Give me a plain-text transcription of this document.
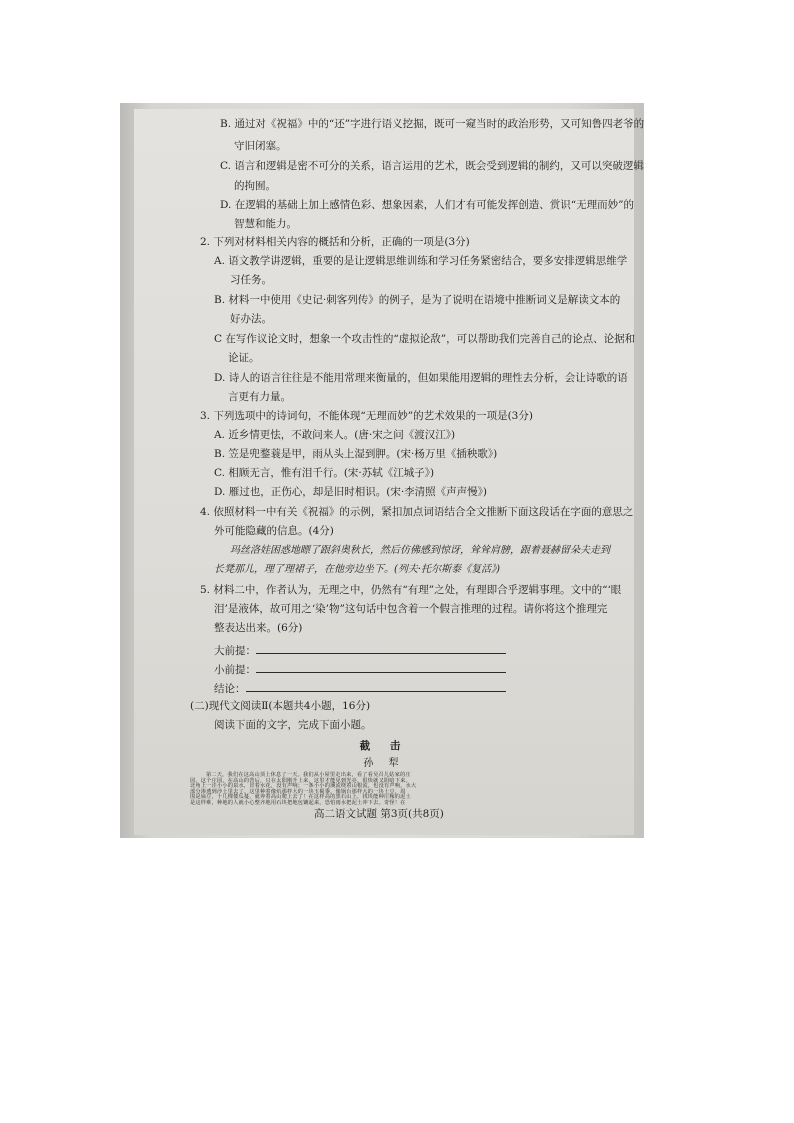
B. 通过对《祝福》中的“还”字进行语义挖掘，既可一窥当时的政治形势，又可知鲁四老爷的
守旧闭塞。
C. 语言和逻辑是密不可分的关系，语言运用的艺术，既会受到逻辑的制约，又可以突破逻辑
的拘囿。
D. 在逻辑的基础上加上感情色彩、想象因素，人们才有可能发挥创造、赏识“无理而妙”的
智慧和能力。
2. 下列对材料相关内容的概括和分析，正确的一项是(3分)
A. 语文教学讲逻辑，重要的是让逻辑思维训练和学习任务紧密结合，要多安排逻辑思维学
习任务。
B. 材料一中使用《史记·刺客列传》的例子，是为了说明在语境中推断词义是解读文本的
好办法。
C 在写作议论文时，想象一个攻击性的“虚拟论敌”，可以帮助我们完善自己的论点、论据和
论证。
D. 诗人的语言往往是不能用常理来衡量的，但如果能用逻辑的理性去分析，会让诗歌的语
言更有力量。
3. 下列选项中的诗词句，不能体现“无理而妙”的艺术效果的一项是(3分)
A. 近乡情更怯，不敢问来人。(唐·宋之问《渡汉江》)
B. 笠是兜鍪蓑是甲，雨从头上湿到胛。(宋·杨万里《插秧歌》)
C. 相顾无言，惟有泪千行。(宋·苏轼《江城子》)
D. 雁过也，正伤心，却是旧时相识。(宋·李清照《声声慢》)
4. 依照材料一中有关《祝福》的示例，紧扣加点词语结合全文推断下面这段话在字面的意思之
外可能隐藏的信息。(4分)
玛丝洛娃困惑地瞟了跟斜奥秋长，然后仿佛感到惊讶，耸耸肩膀，跟着聂赫留朵夫走到
长凳那儿，理了理裙子，在他旁边坐下。(列夫·托尔斯泰《复活》)
5. 材料二中，作者认为，无理之中，仍然有“有理”之处，有理即合乎逻辑事理。文中的“‘眼
泪’是液体，故可用之‘染’物”这句话中包含着一个假言推理的过程。请你将这个推理完
整表达出来。(6分)
大前提：
小前提：
结论：
(二)现代文阅读Ⅱ(本题共4小题，16分)
阅读下面的文字，完成下面小题。
截 击
孙 犁
第二天，我们在这高山顶上休息了一天。我们从小屋里走出来，看了看吴召儿姑家的庄
园，这个庄园，在高山的背后，只在太阳刚升上来，这里才能见到光亮，很快就又阴暗下来。
北角上一洼小小的泉水，冒着水花，没有声响；一条小小的溪流绕着山根流，也没有声响，水大
部分渗透到沙土里去了。这里种着像炕那样大的一块玉蜀黍，像锅台那样大的一块土豆，周
围是扁豆，十几棵倭瓜蔓，就奔着高山爬上去了！在这样高的黑石山上，找块能种庄稼的泥土
是这样难，种地的人就小心整齐地用石块把地包镶起来，恐怕雨水把泥土冲下去。奇怪！在
高二语文试题 第3页(共8页)
